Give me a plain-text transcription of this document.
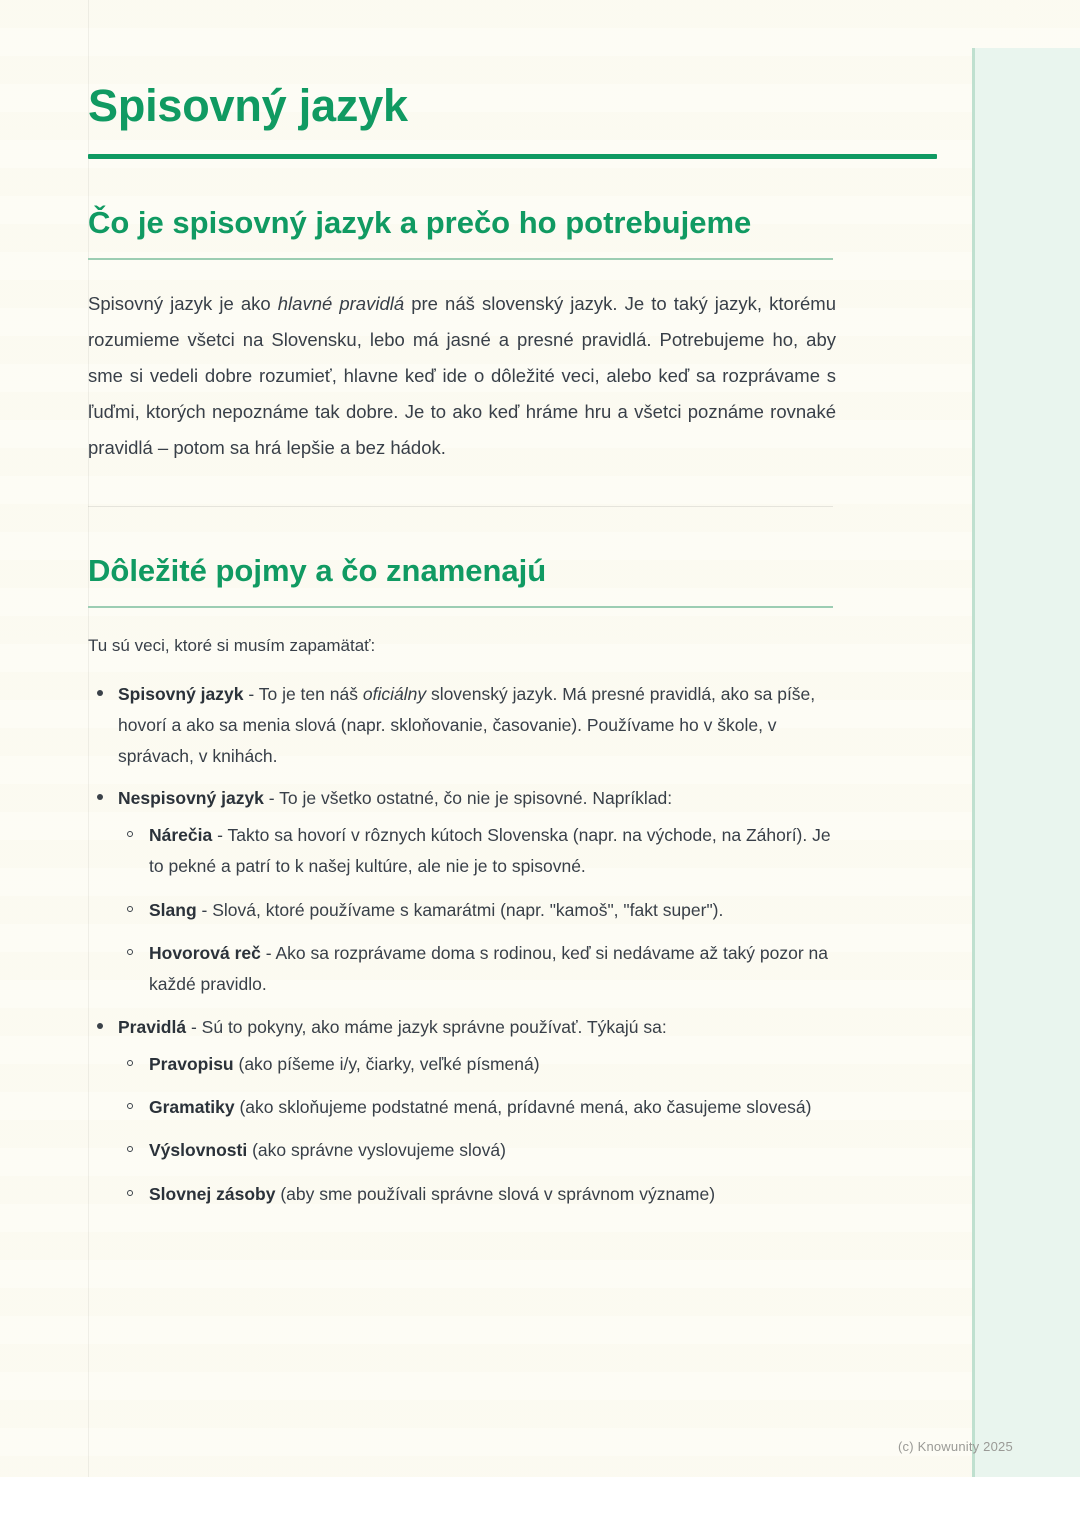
Spisovný jazyk
Čo je spisovný jazyk a prečo ho potrebujeme

Spisovný jazyk je ako hlavné pravidlá pre náš slovenský jazyk. Je to taký jazyk, ktorému rozumieme všetci na Slovensku, lebo má jasné a presné pravidlá. Potrebujeme ho, aby sme si vedeli dobre rozumieť, hlavne keď ide o dôležité veci, alebo keď sa rozprávame s ľuďmi, ktorých nepoznáme tak dobre. Je to ako keď hráme hru a všetci poznáme rovnaké pravidlá – potom sa hrá lepšie a bez hádok.

Dôležité pojmy a čo znamenajú

Tu sú veci, ktoré si musím zapamätať:

Spisovný jazyk - To je ten náš oficiálny slovenský jazyk. Má presné pravidlá, ako sa píše, hovorí a ako sa menia slová (napr. skloňovanie, časovanie). Používame ho v škole, v správach, v knihách.
Nespisovný jazyk - To je všetko ostatné, čo nie je spisovné. Napríklad:
Nárečia - Takto sa hovorí v rôznych kútoch Slovenska (napr. na východe, na Záhorí). Je to pekné a patrí to k našej kultúre, ale nie je to spisovné.
Slang - Slová, ktoré používame s kamarátmi (napr. "kamoš", "fakt super").
Hovorová reč - Ako sa rozprávame doma s rodinou, keď si nedávame až taký pozor na každé pravidlo.
Pravidlá - Sú to pokyny, ako máme jazyk správne používať. Týkajú sa:
Pravopisu (ako píšeme i/y, čiarky, veľké písmená)
Gramatiky (ako skloňujeme podstatné mená, prídavné mená, ako časujeme slovesá)
Výslovnosti (ako správne vyslovujeme slová)
Slovnej zásoby (aby sme používali správne slová v správnom význame)
(c) Knowunity 2025
